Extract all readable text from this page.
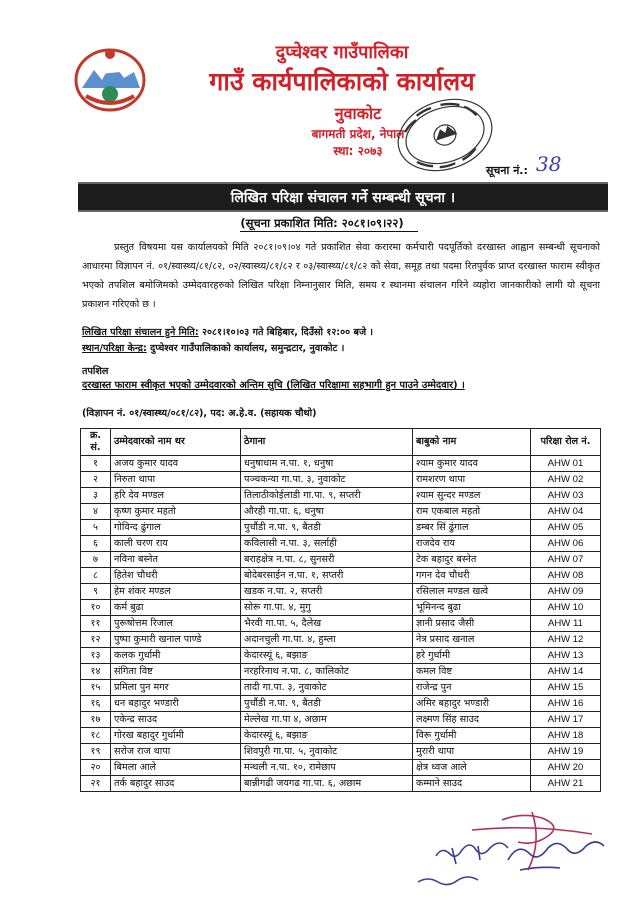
दुप्चेश्वर गाउँपालिका
गाउँ कार्यपालिकाको कार्यालय
नुवाकोट
बागमती प्रदेश, नेपाल
स्था: २०७३
सूचना नं.: 38
लिखित परिक्षा संचालन गर्ने सम्बन्धी सूचना ।
(सूचना प्रकाशित मिति: २०८१।०९।२२)
प्रस्तुत विषयमा यस कार्यालयको मिति २०८१।०९।०४ गते प्रकाशित सेवा करारमा कर्मचारी पदपूर्तिको दरखास्त आह्वान सम्बन्धी सूचनाको आधारमा विज्ञापन नं. ०१/स्वास्थ्य/८१/८२, ०२/स्वास्थ्य/८१/८२ र ०३/स्वास्थ्य/८१/८२ को सेवा, समूह तथा पदमा रितपुर्वक प्राप्त दरखास्त फाराम स्वीकृत भएको तपशिल बमोजिमको उम्मेदवारहरुको लिखित परिक्षा निम्नानुसार मिति, समय र स्थानमा संचालन गरिने व्यहोरा जानकारीको लागी यो सूचना प्रकाशन गरिएको छ ।
लिखित परिक्षा संचालन हुने मिति: २०८१।१०।०३ गते बिहिबार, दिउँसो १२:०० बजे ।
स्थान/परिक्षा केन्द्र: दुप्चेश्वर गाउँपालिकाको कार्यालय, समुन्द्रटार, नुवाकोट ।
तपशिल
दरखास्त फाराम स्वीकृत भएको उम्मेदवारको अन्तिम सुचि (लिखित परिक्षामा सहभागी हुन पाउने उम्मेदवार) ।
(विज्ञापन नं. ०१/स्वास्थ्य/०८१/८२), पद: अ.हे.व. (सहायक चौथो)
क्र. सं.	उम्मेदवारको नाम थर	ठेगाना	बाबुको नाम	परिक्षा रोल नं.
१	अजय कुमार यादव	धनुषाधाम न.पा. १, धनुषा	श्याम कुमार यादव	AHW 01
२	निरुता थापा	पञ्चकन्या गा.पा. ३, नुवाकोट	रामशरण थापा	AHW 02
३	हरि देव मण्डल	तिलाठीकोईलाडी गा.पा. ९, सप्तरी	श्याम सुन्दर मण्डल	AHW 03
४	कृष्ण कुमार महतो	औरही गा.पा. ६, धनुषा	राम एकबाल महतो	AHW 04
५	गोविन्द ढुंगाल	पुर्चौडी न.पा. ९, बैतडी	डम्बर सिं ढुंगाल	AHW 05
६	काली चरण राय	कविलासी न.पा. ३, सर्लाही	राजदेव राय	AHW 06
७	नविना बस्नेत	बराहक्षेत्र न.पा. ८, सुनसरी	टेक बहादुर बस्नेत	AHW 07
८	हितेश चौधरी	बोदेबरसाईन न.पा. १, सप्तरी	गगन देव चौधरी	AHW 08
९	हेम शंकर मण्डल	खडक न.पा. २, सप्तरी	रसिलाल मण्डल खत्वे	AHW 09
१०	कर्म बुढा	सोरू गा.पा. ४, मुगु	भूमिनन्द बुढा	AHW 10
११	पुरूषोत्तम रिजाल	भैरवी गा.पा. ५, दैलेख	ज्ञानी प्रसाद जैसी	AHW 11
१२	पुष्पा कुमारी खनाल पाण्डे	अदानचुली गा.पा. ४, हुम्ला	नेत्र प्रसाद खनाल	AHW 12
१३	कलक गुर्धामी	केदारस्यूं ६, बझाङ	हरे गुर्धामी	AHW 13
१४	संगिता विष्ट	नरहरिनाथ न.पा. ८, कालिकोट	कमल विष्ट	AHW 14
१५	प्रमिला पुन मगर	तादी गा.पा. ३, नुवाकोट	राजेन्द्र पुन	AHW 15
१६	धन बहादुर भण्डारी	पुर्चौडी न.पा. ९, बैतडी	अमिर बहादुर भण्डारी	AHW 16
१७	एकेन्द्र साउद	मेल्लेख गा.पा ४, अछाम	लक्ष्मण सिंह साउद	AHW 17
१८	गोरख बहादुर गुर्धामी	केदारस्यूं ६, बझाङ	विरू गुर्धामी	AHW 18
१९	सरोज राज थापा	शिवपुरी गा.पा. ५, नुवाकोट	मुरारी थापा	AHW 19
२०	बिमला आले	मन्थली न.पा. १०, रामेछाप	क्षेत्र ध्वज आले	AHW 20
२१	तर्क बहादुर साउद	बान्नीगढी जयगढ गा.पा. ६, अछाम	कम्माने साउद	AHW 21
